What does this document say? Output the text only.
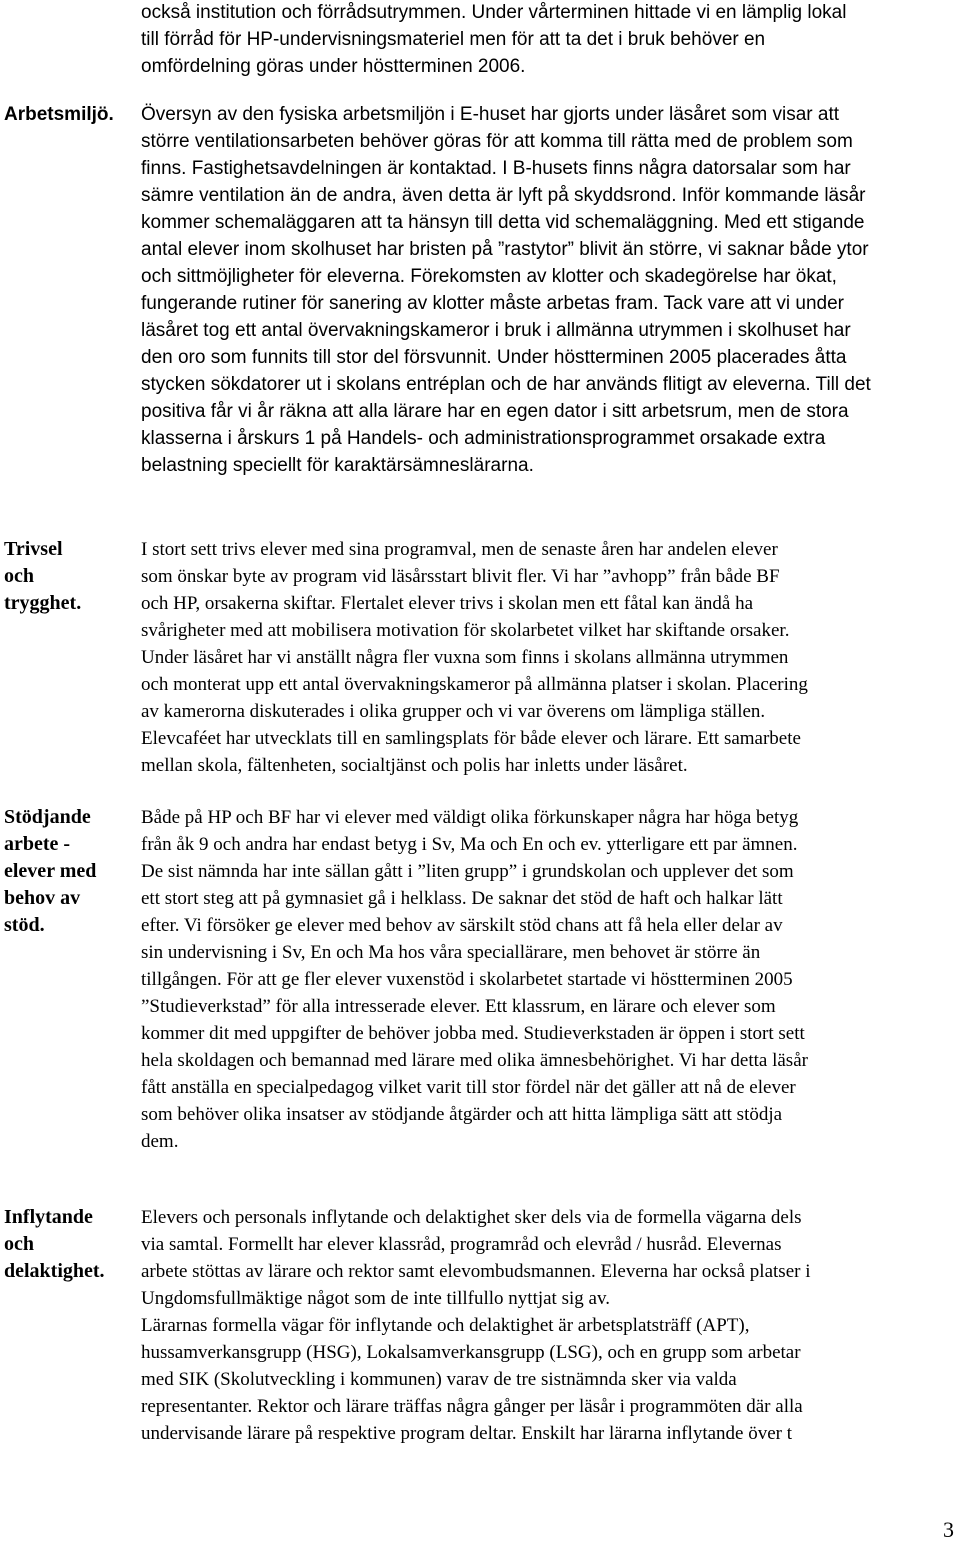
också institution och förrådsutrymmen. Under vårterminen hittade vi en lämplig lokal
till förråd för HP-undervisningsmateriel men för att ta det i bruk behöver en
omfördelning göras under höstterminen 2006.
Arbetsmiljö. Översyn av den fysiska arbetsmiljön i E-huset har gjorts under läsåret som visar att
större ventilationsarbeten behöver göras för att komma till rätta med de problem som
finns. Fastighetsavdelningen är kontaktad. I B-husets finns några datorsalar som har
sämre ventilation än de andra, även detta är lyft på skyddsrond. Inför kommande läsår
kommer schemaläggaren att ta hänsyn till detta vid schemaläggning. Med ett stigande
antal elever inom skolhuset har bristen på ”rastytor” blivit än större, vi saknar både ytor
och sittmöjligheter för eleverna. Förekomsten av klotter och skadegörelse har ökat,
fungerande rutiner för sanering av klotter måste arbetas fram. Tack vare att vi under
läsåret tog ett antal övervakningskameror i bruk i allmänna utrymmen i skolhuset har
den oro som funnits till stor del försvunnit. Under höstterminen 2005 placerades åtta
stycken sökdatorer ut i skolans entréplan och de har används flitigt av eleverna. Till det
positiva får vi år räkna att alla lärare har en egen dator i sitt arbetsrum, men de stora
klasserna i årskurs 1 på Handels- och administrationsprogrammet orsakade extra
belastning speciellt för karaktärsämneslärarna.
Trivsel
och
trygghet.
I stort sett trivs elever med sina programval, men de senaste åren har andelen elever
som önskar byte av program vid läsårsstart blivit fler. Vi har ”avhopp” från både BF
och HP, orsakerna skiftar. Flertalet elever trivs i skolan men ett fåtal kan ändå ha
svårigheter med att mobilisera motivation för skolarbetet vilket har skiftande orsaker.
Under läsåret har vi anställt några fler vuxna som finns i skolans allmänna utrymmen
och monterat upp ett antal övervakningskameror på allmänna platser i skolan. Placering
av kamerorna diskuterades i olika grupper och vi var överens om lämpliga ställen.
Elevcaféet har utvecklats till en samlingsplats för både elever och lärare. Ett samarbete
mellan skola, fältenheten, socialtjänst och polis har inletts under läsåret.
Stödjande
arbete -
elever med
behov av
stöd.
Både på HP och BF har vi elever med väldigt olika förkunskaper några har höga betyg
från åk 9 och andra har endast betyg i Sv, Ma och En och ev. ytterligare ett par ämnen.
De sist nämnda har inte sällan gått i ”liten grupp” i grundskolan och upplever det som
ett stort steg att på gymnasiet gå i helklass. De saknar det stöd de haft och halkar lätt
efter. Vi försöker ge elever med behov av särskilt stöd chans att få hela eller delar av
sin undervisning i Sv, En och Ma hos våra speciallärare, men behovet är större än
tillgången. För att ge fler elever vuxenstöd i skolarbetet startade vi höstterminen 2005
”Studieverkstad” för alla intresserade elever. Ett klassrum, en lärare och elever som
kommer dit med uppgifter de behöver jobba med. Studieverkstaden är öppen i stort sett
hela skoldagen och bemannad med lärare med olika ämnesbehörighet. Vi har detta läsår
fått anställa en specialpedagog vilket varit till stor fördel när det gäller att nå de elever
som behöver olika insatser av stödjande åtgärder och att hitta lämpliga sätt att stödja
dem.
Inflytande
och
delaktighet.
Elevers och personals inflytande och delaktighet sker dels via de formella vägarna dels
via samtal. Formellt har elever klassråd, programråd och elevråd / husråd. Elevernas
arbete stöttas av lärare och rektor samt elevombudsmannen. Eleverna har också platser i
Ungdomsfullmäktige något som de inte tillfullo nyttjat sig av.
Lärarnas formella vägar för inflytande och delaktighet är arbetsplatsträff (APT),
hussamverkansgrupp (HSG), Lokalsamverkansgrupp (LSG), och en grupp som arbetar
med SIK (Skolutveckling i kommunen) varav de tre sistnämnda sker via valda
representanter. Rektor och lärare träffas några gånger per läsår i programmöten där alla
undervisande lärare på respektive program deltar. Enskilt har lärarna inflytande över t
3
